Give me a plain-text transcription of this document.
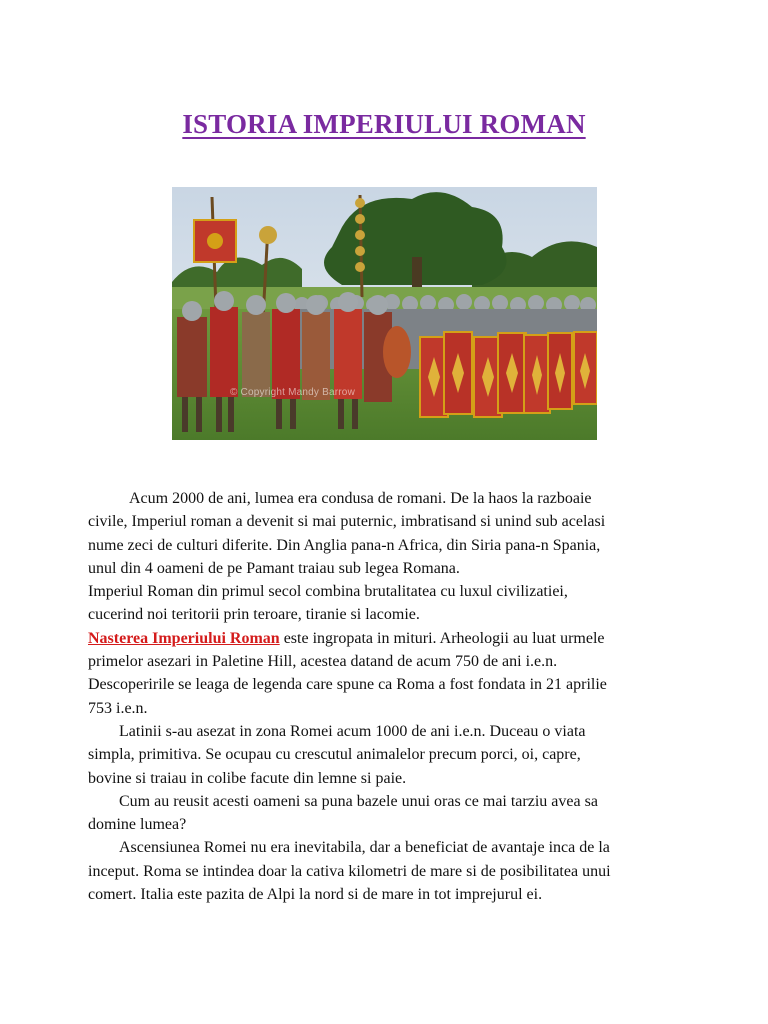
ISTORIA IMPERIULUI ROMAN
© Copyright Mandy Barrow

Acum 2000 de ani, lumea era condusa de romani. De la haos la razboaie

civile, Imperiul roman a devenit si mai puternic, imbratisand si unind sub acelasi

nume zeci de culturi diferite. Din Anglia pana-n Africa, din Siria pana-n Spania,

unul din 4 oameni de pe Pamant traiau sub legea Romana.

Imperiul Roman din primul secol combina brutalitatea cu luxul civilizatiei,

cucerind noi teritorii prin teroare, tiranie si lacomie.

Nasterea Imperiului Roman este ingropata in mituri. Arheologii au luat urmele

primelor asezari in Paletine Hill, acestea datand de acum 750 de ani i.e.n.

Descoperirile se leaga de legenda care spune ca Roma a fost fondata in 21 aprilie

753 i.e.n.

Latinii s-au asezat in zona Romei acum 1000 de ani i.e.n. Duceau o viata

simpla, primitiva. Se ocupau cu crescutul animalelor precum porci, oi, capre,

bovine si traiau in colibe facute din lemne si paie.

Cum au reusit acesti oameni sa puna bazele unui oras ce mai tarziu avea sa

domine lumea?

Ascensiunea Romei nu era inevitabila, dar a beneficiat de avantaje inca de la

inceput. Roma se intindea doar la cativa kilometri de mare si de posibilitatea unui

comert. Italia este pazita de Alpi la nord si de mare in tot imprejurul ei.
